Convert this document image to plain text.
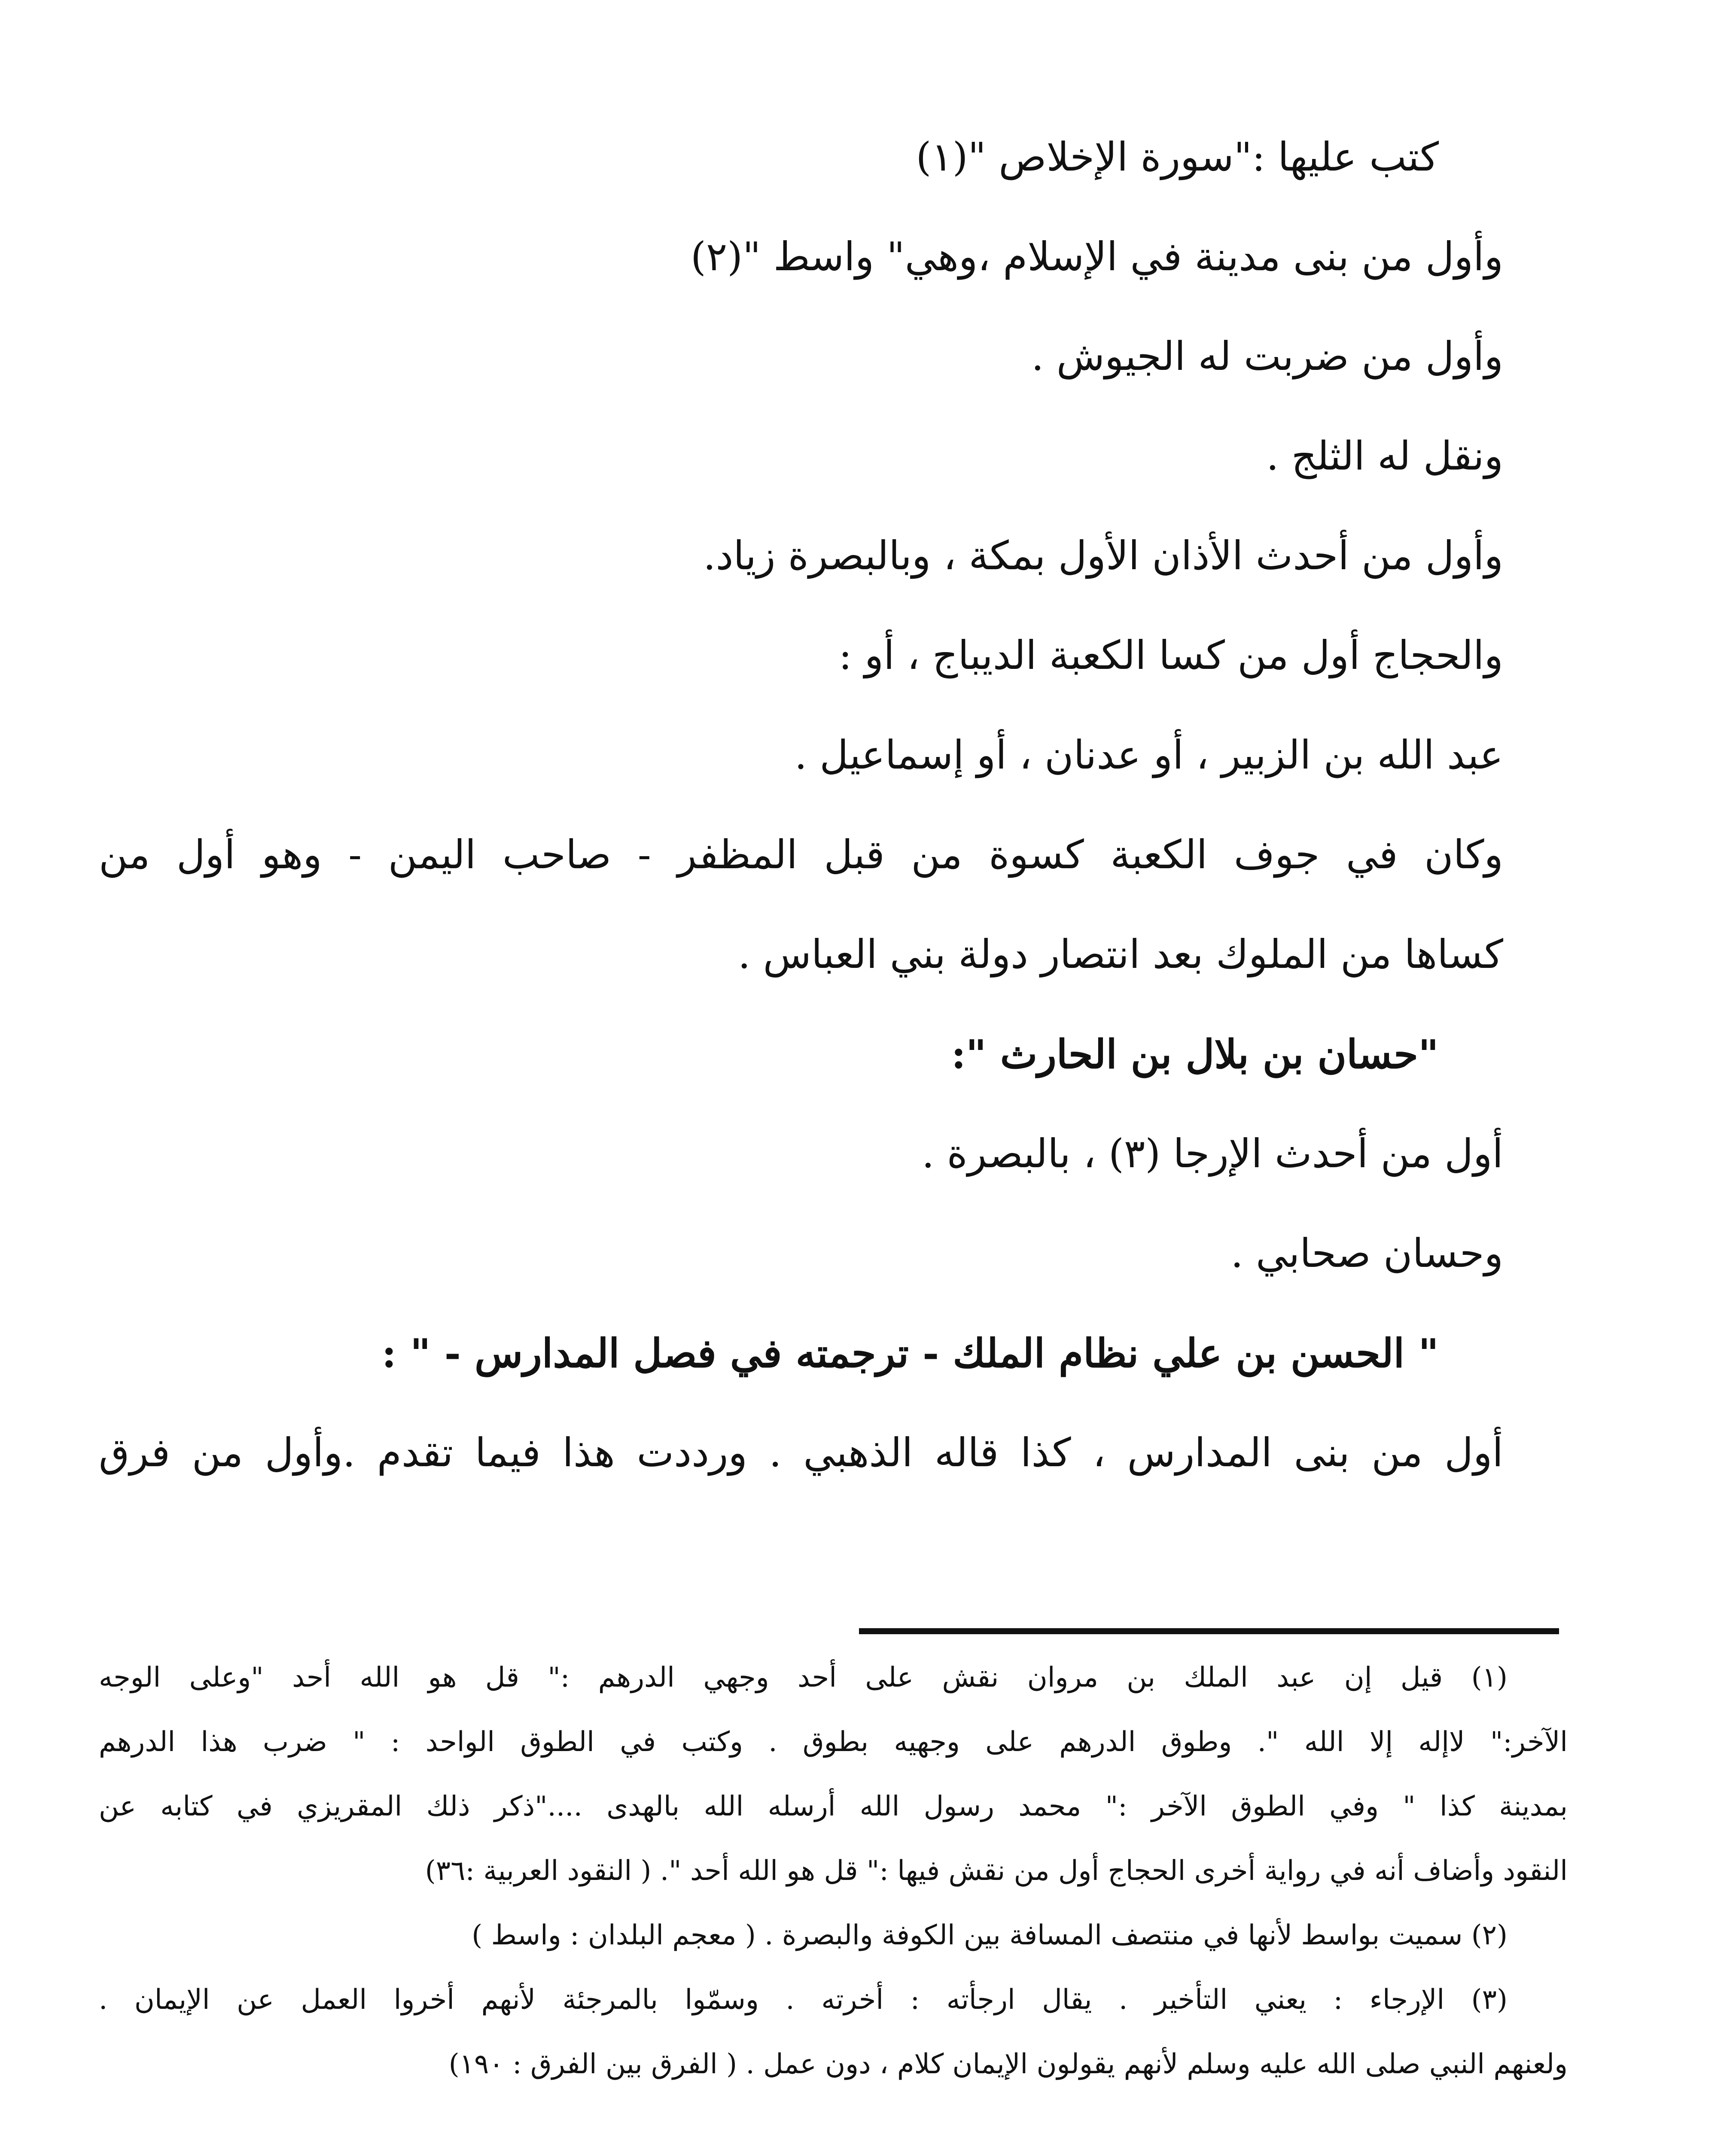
كتب عليها :"سورة الإخلاص "(١)
وأول من بنى مدينة في الإسلام ،وهي" واسط "(٢)
وأول من ضربت له الجيوش .
ونقل له الثلج .
وأول من أحدث الأذان الأول بمكة ، وبالبصرة زياد.
والحجاج أول من كسا الكعبة الديباج ، أو :
عبد الله بن الزبير ، أو عدنان ، أو إسماعيل .
وكان في جوف الكعبة كسوة من قبل المظفر - صاحب اليمن - وهو أول من
كساها من الملوك بعد انتصار دولة بني العباس .
"حسان بن بلال بن الحارث ":
أول من أحدث الإرجا (٣) ، بالبصرة .
وحسان صحابي .
" الحسن بن علي نظام الملك - ترجمته في فصل المدارس - " :
أول من بنى المدارس ، كذا قاله الذهبي . ورددت هذا فيما تقدم .وأول من فرق
(١) قيل إن عبد الملك بن مروان نقش على أحد وجهي الدرهم :" قل هو الله أحد "وعلى الوجه
الآخر:" لاإله إلا الله ". وطوق الدرهم على وجهيه بطوق . وكتب في الطوق الواحد : " ضرب هذا الدرهم
بمدينة كذا " وفي الطوق الآخر :" محمد رسول الله أرسله الله بالهدى ...."ذكر ذلك المقريزي في كتابه عن
النقود وأضاف أنه في رواية أخرى الحجاج أول من نقش فيها :" قل هو الله أحد ". ( النقود العربية :٣٦)
(٢) سميت بواسط لأنها في منتصف المسافة بين الكوفة والبصرة . ( معجم البلدان : واسط )
(٣) الإرجاء : يعني التأخير . يقال ارجأته : أخرته . وسمّوا بالمرجئة لأنهم أخروا العمل عن الإيمان .
ولعنهم النبي صلى الله عليه وسلم لأنهم يقولون الإيمان كلام ، دون عمل . ( الفرق بين الفرق : ١٩٠)
